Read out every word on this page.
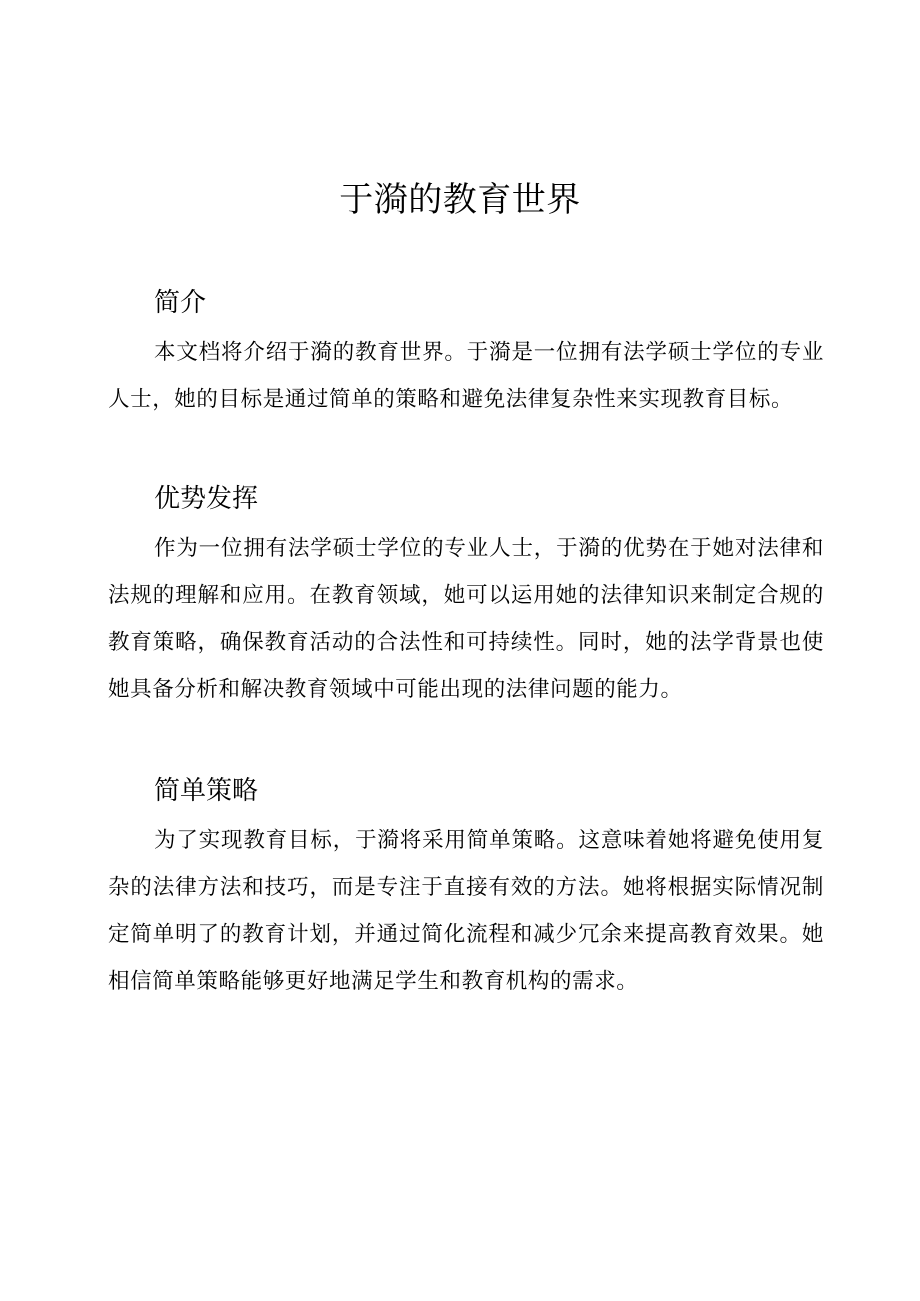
于漪的教育世界
简介

本文档将介绍于漪的教育世界。于漪是一位拥有法学硕士学位的专业人士，她的目标是通过简单的策略和避免法律复杂性来实现教育目标。

优势发挥

作为一位拥有法学硕士学位的专业人士，于漪的优势在于她对法律和法规的理解和应用。在教育领域，她可以运用她的法律知识来制定合规的教育策略，确保教育活动的合法性和可持续性。同时，她的法学背景也使她具备分析和解决教育领域中可能出现的法律问题的能力。

简单策略

为了实现教育目标，于漪将采用简单策略。这意味着她将避免使用复杂的法律方法和技巧，而是专注于直接有效的方法。她将根据实际情况制定简单明了的教育计划，并通过简化流程和减少冗余来提高教育效果。她相信简单策略能够更好地满足学生和教育机构的需求。
